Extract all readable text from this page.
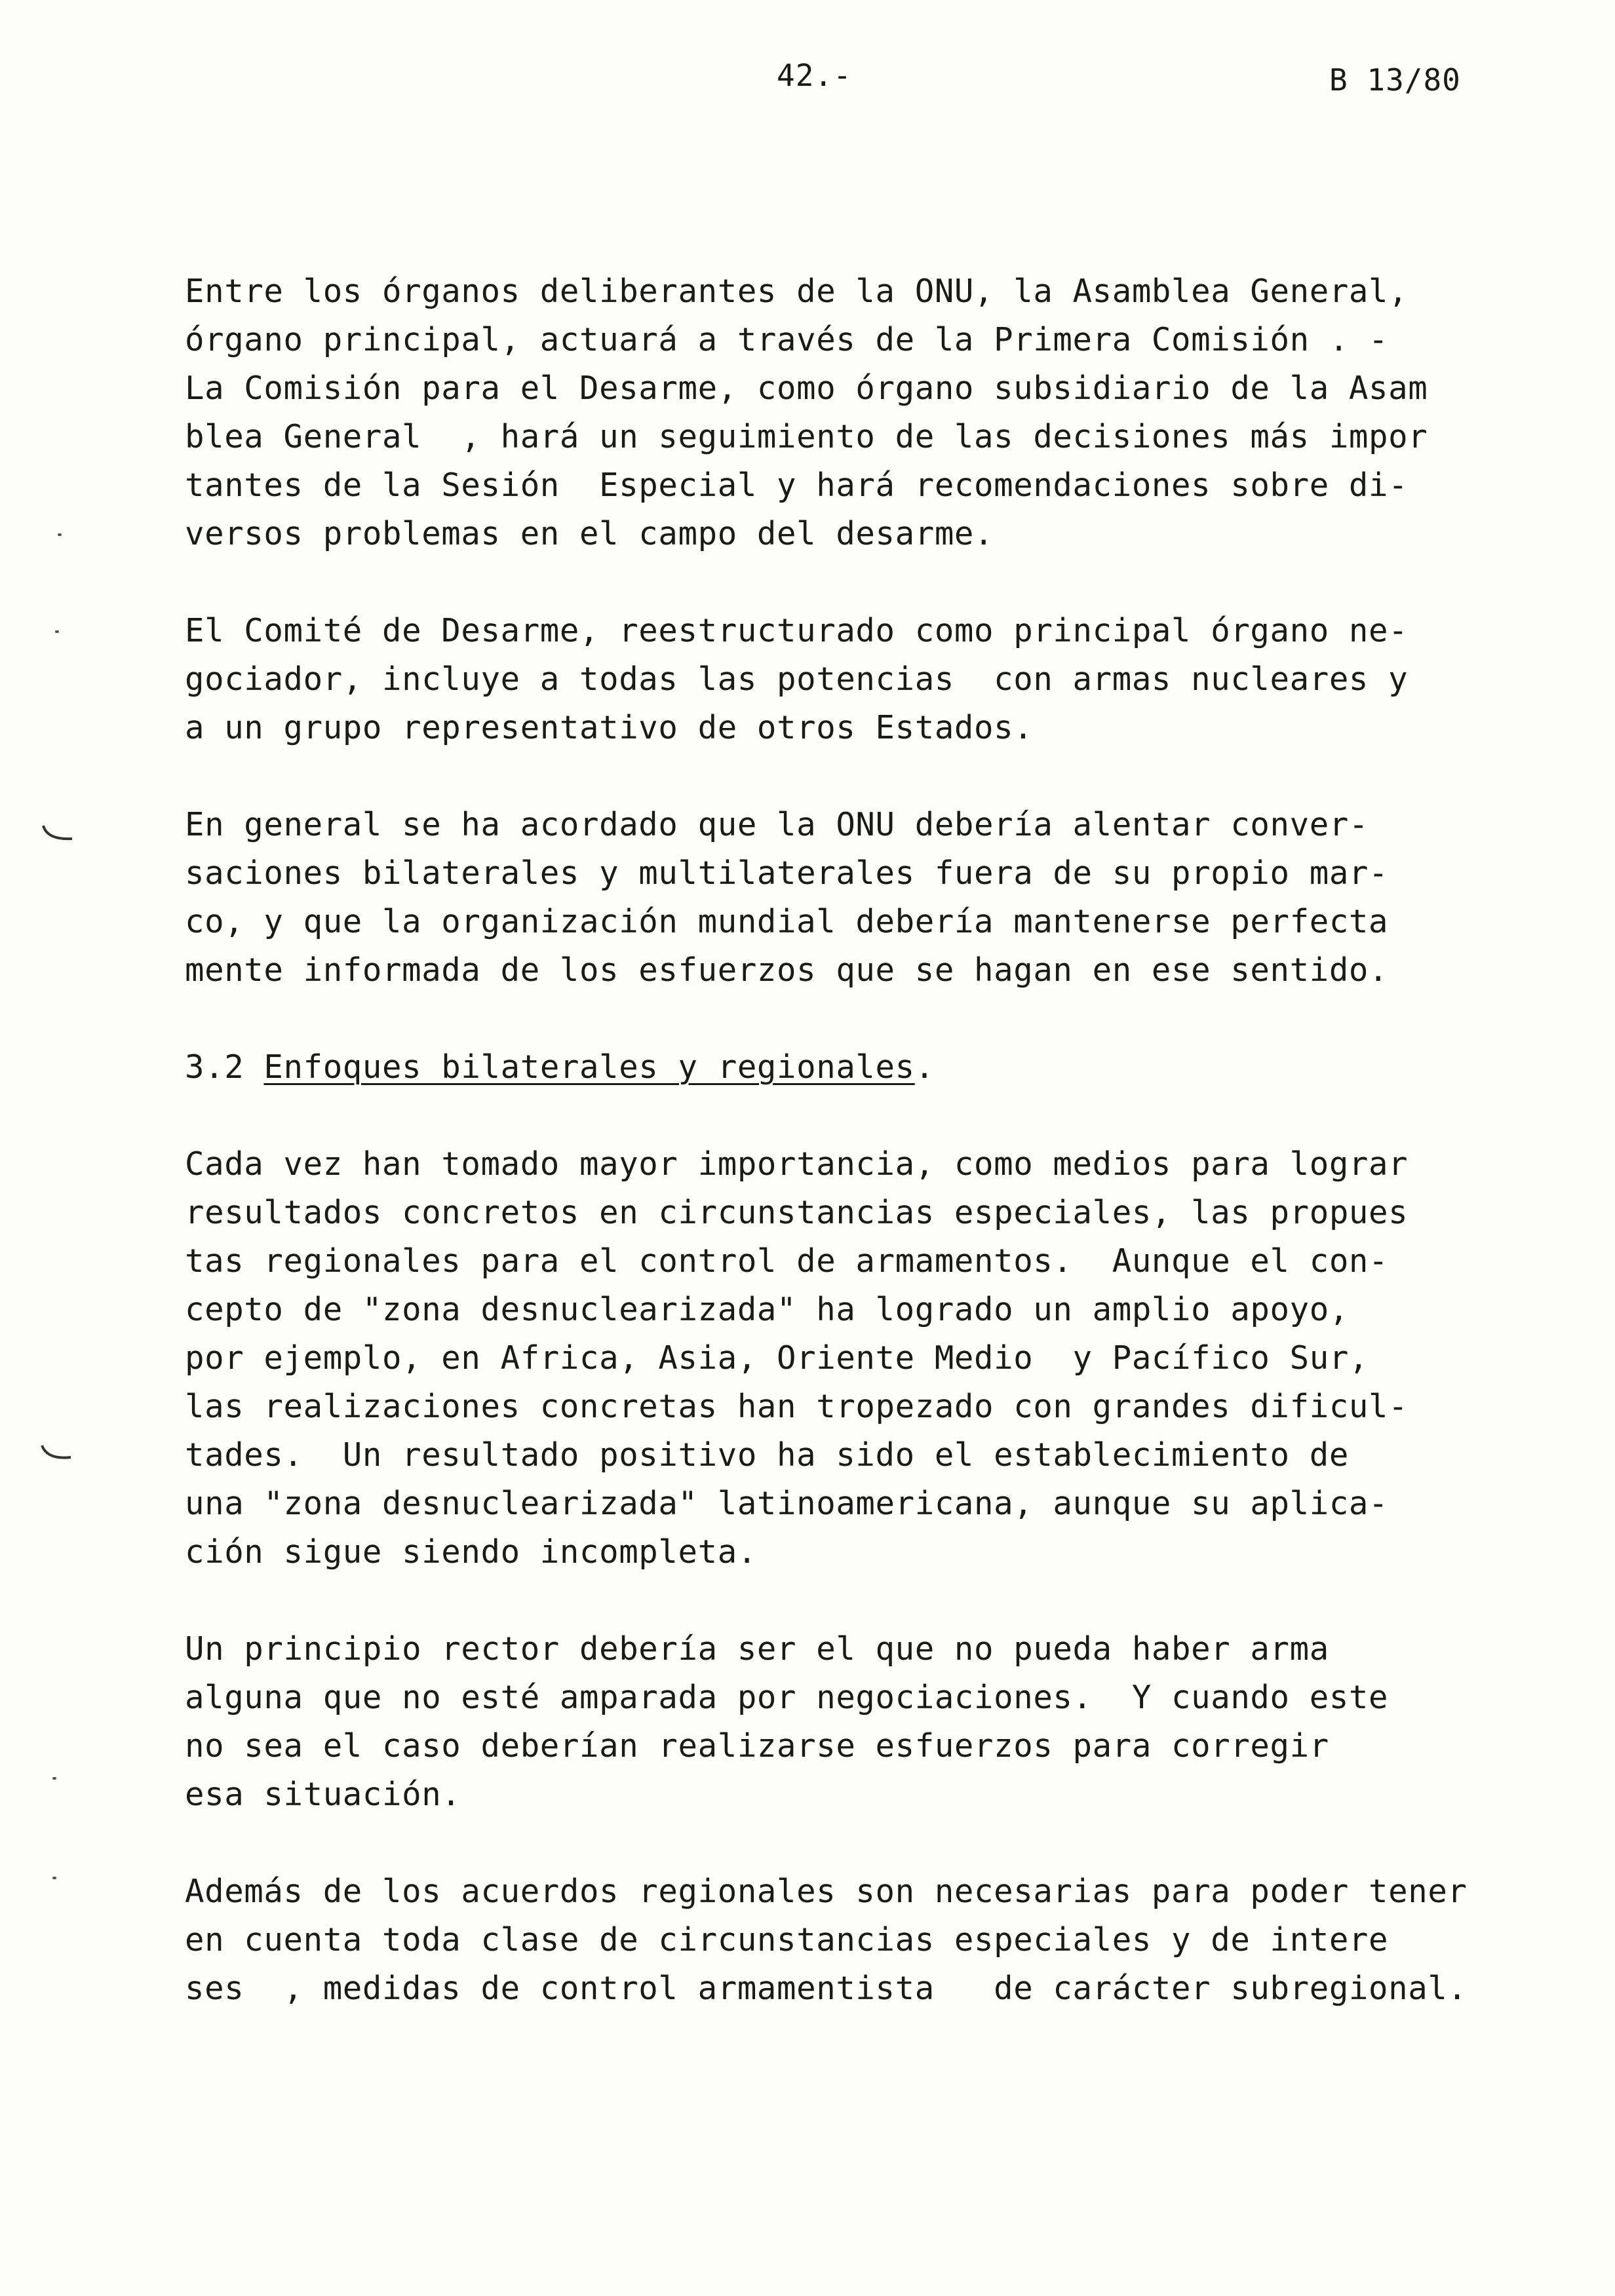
42.-	B 13/80
Entre los órganos deliberantes de la ONU, la Asamblea General,
órgano principal, actuará a través de la Primera Comisión . -
La Comisión para el Desarme, como órgano subsidiario de la Asam
blea General  , hará un seguimiento de las decisiones más impor
tantes de la Sesión  Especial y hará recomendaciones sobre di-
versos problemas en el campo del desarme.
El Comité de Desarme, reestructurado como principal órgano ne-
gociador, incluye a todas las potencias  con armas nucleares y
a un grupo representativo de otros Estados.
En general se ha acordado que la ONU debería alentar conver-
saciones bilaterales y multilaterales fuera de su propio mar-
co, y que la organización mundial debería mantenerse perfecta
mente informada de los esfuerzos que se hagan en ese sentido.
3.2 Enfoques bilaterales y regionales.
Cada vez han tomado mayor importancia, como medios para lograr
resultados concretos en circunstancias especiales, las propues
tas regionales para el control de armamentos.  Aunque el con-
cepto de "zona desnuclearizada" ha logrado un amplio apoyo,
por ejemplo, en Africa, Asia, Oriente Medio  y Pacífico Sur,
las realizaciones concretas han tropezado con grandes dificul-
tades.  Un resultado positivo ha sido el establecimiento de
una "zona desnuclearizada" latinoamericana, aunque su aplica-
ción sigue siendo incompleta.
Un principio rector debería ser el que no pueda haber arma
alguna que no esté amparada por negociaciones.  Y cuando este
no sea el caso deberían realizarse esfuerzos para corregir
esa situación.
Además de los acuerdos regionales son necesarias para poder tener
en cuenta toda clase de circunstancias especiales y de intere
ses  , medidas de control armamentista   de carácter subregional.
